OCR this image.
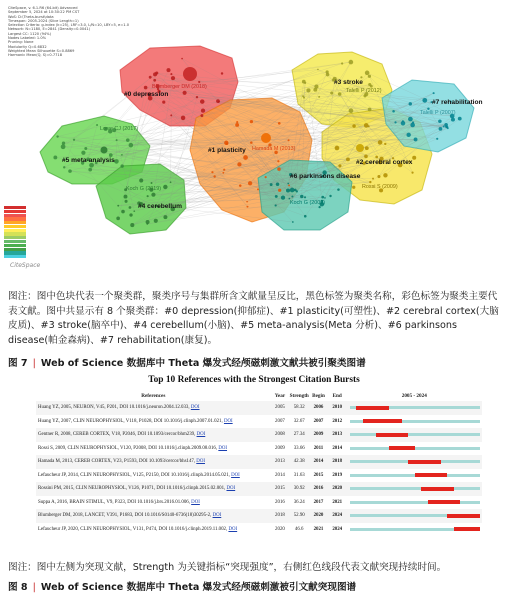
CiteSpace, v. 6.1.R6 (64-bit) Advanced
September 5, 2024 at 10:30:22 PM CST
WoS: D:\Theta-burst\data
Timespan: 2005-2024 (Slice Length=1)
Selection Criteria: g-index (k=25), LRF=3.0, L/N=10, LBY=5, e=1.0
Network: N=1180, E=2841 (Density=0.0041)
Largest CC: 1120 (94%)
Nodes Labeled: 1.0%
Pruning: None
Modularity Q=0.6832
Weighted Mean Silhouette S=0.8869
Harmonic Mean(Q, S)=0.7718
Blumberger DM (2018)
Hamada M (2013)
Talelli P (2012)
Talelli P (2007)
Lowe CJ (2017)
Koch G (2019)
Koch G (2009)
Rossi S (2009)
#0 depression
#1 plasticity
#2 cerebral cortex
#3 stroke
#4 cerebellum
#5 meta-analysis
#6 parkinsons disease
#7 rehabilitation
CiteSpace
图注：图中色块代表一个聚类群，聚类序号与集群所含文献量呈反比，黑色标签为聚类名称，彩色标签为聚类主要代表文献。图中共显示有 8 个聚类群：#0 depression(抑郁症)、#1 plasticity(可塑性)、#2 cerebral cortex(大脑皮质)、#3 stroke(脑卒中)、#4 cerebellum(小脑)、#5 meta-analysis(Meta 分析)、#6 parkinsons disease(帕金森病)、#7 rehabilitation(康复)。
图 7 | Web of Science 数据库中 Theta 爆发式经颅磁刺激文献共被引聚类图谱
Top 10 References with the Strongest Citation Bursts
References	Year	Strength	Begin	End	2005 - 2024
Huang YZ, 2005, NEURON, V45, P201, DOI 10.1016/j.neuron.2004.12.033, DOI	2005	58.32	2006	2010	

Huang YZ, 2007, CLIN NEUROPHYSIOL, V118, P1028, DOI 10.1016/j.clinph.2007.01.021, DOI	2007	32.67	2007	2012	

Gentner R, 2008, CEREB CORTEX, V18, P2046, DOI 10.1093/cercor/bhm239, DOI	2008	27.34	2009	2013	

Rossi S, 2009, CLIN NEUROPHYSIOL, V120, P2008, DOI 10.1016/j.clinph.2009.08.016, DOI	2009	33.66	2011	2014	

Hamada M, 2013, CEREB CORTEX, V23, P1593, DOI 10.1093/cercor/bhs147, DOI	2013	42.38	2014	2018	

Lefaucheur JP, 2014, CLIN NEUROPHYSIOL, V125, P2150, DOI 10.1016/j.clinph.2014.05.021, DOI	2014	31.63	2015	2019	

Rossini PM, 2015, CLIN NEUROPHYSIOL, V126, P1071, DOI 10.1016/j.clinph.2015.02.001, DOI	2015	30.92	2016	2020	

Suppa A, 2016, BRAIN STIMUL, V9, P323, DOI 10.1016/j.brs.2016.01.006, DOI	2016	36.24	2017	2021	

Blumberger DM, 2018, LANCET, V391, P1683, DOI 10.1016/S0140-6736(18)30295-2, DOI	2018	52.90	2020	2024	

Lefaucheur JP, 2020, CLIN NEUROPHYSIOL, V131, P474, DOI 10.1016/j.clinph.2019.11.002, DOI	2020	46.6	2021	2024	
图注：图中左侧为突现文献，Strength 为关键指标“突现强度”，右侧红色线段代表文献突现持续时间。
图 8 | Web of Science 数据库中 Theta 爆发式经颅磁刺激被引文献突现图谱
